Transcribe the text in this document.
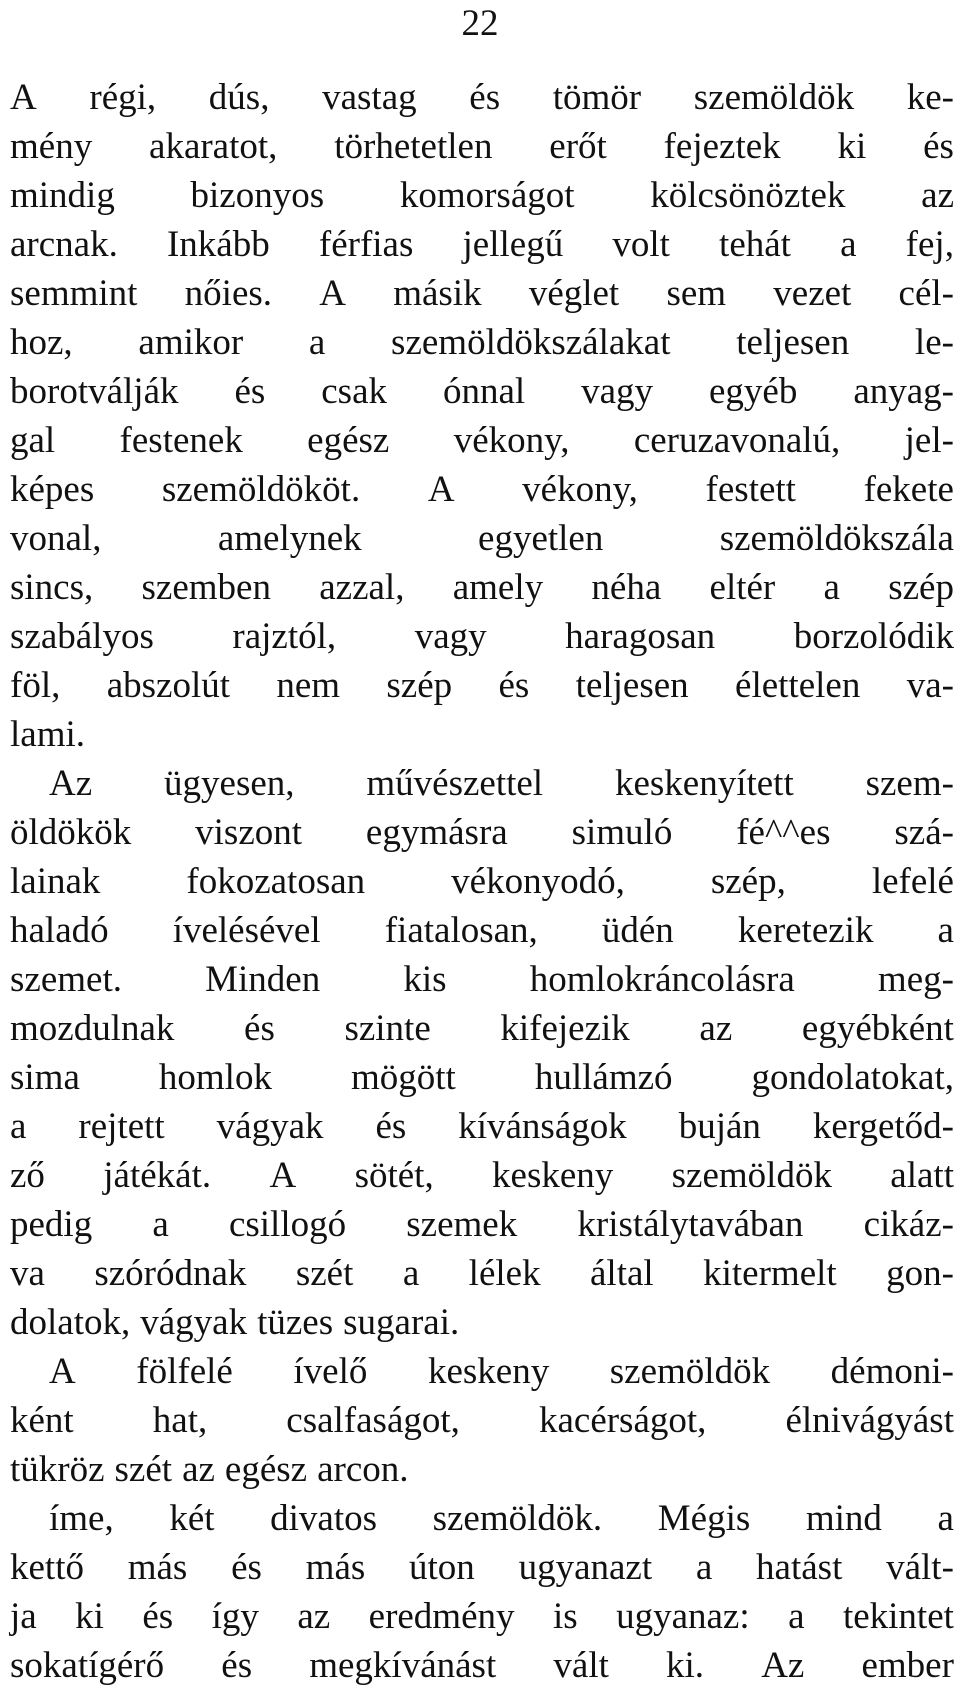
22
A régi, dús, vastag és tömör szemöldök ke-
mény akaratot, törhetetlen erőt fejeztek ki és
mindig bizonyos komorságot kölcsönöztek az
arcnak. Inkább férfias jellegű volt tehát a fej,
semmint nőies. A másik véglet sem vezet cél-
hoz, amikor a szemöldökszálakat teljesen le-
borotválják és csak ónnal vagy egyéb anyag-
gal festenek egész vékony, ceruzavonalú, jel-
képes szemöldököt. A vékony, festett fekete
vonal,	amelynek	egyetlen	szemöldökszála
sincs, szemben azzal, amely néha eltér a szép
szabályos rajztól, vagy haragosan borzolódik
föl, abszolút nem szép és teljesen élettelen va-
lami.
Az ügyesen, művészettel keskenyített szem-
öldökök viszont egymásra simuló fé^^es szá-
lainak fokozatosan vékonyodó, szép, lefelé
haladó ívelésével fiatalosan, üdén keretezik a
szemet. Minden kis homlokráncolásra meg-
mozdulnak és szinte kifejezik az egyébként
sima homlok mögött hullámzó gondolatokat,
a rejtett vágyak és kívánságok buján kergetőd-
ző játékát. A sötét, keskeny szemöldök alatt
pedig a csillogó szemek kristálytavában cikáz-
va szóródnak szét a lélek által kitermelt gon-
dolatok, vágyak tüzes sugarai.
A fölfelé ívelő keskeny szemöldök démoni-
ként hat, csalfaságot, kacérságot, élnivágyást
tükröz szét az egész arcon.
íme, két divatos szemöldök. Mégis mind a
kettő más és más úton ugyanazt a hatást vált-
ja ki és így az eredmény is ugyanaz: a tekintet
sokatígérő és megkívánást vált ki. Az ember
